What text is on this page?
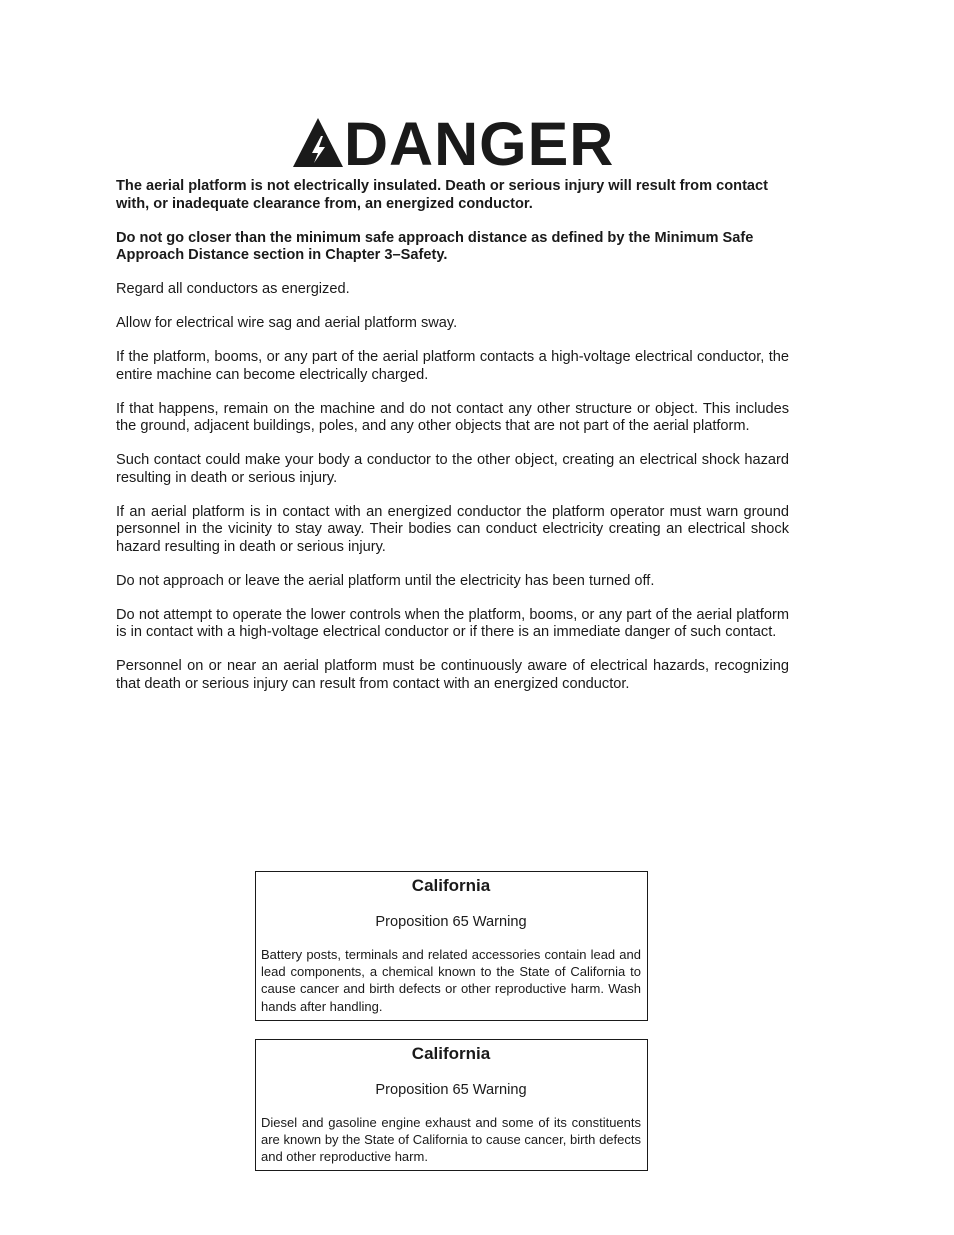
DANGER

The aerial platform is not electrically insulated. Death or serious injury will result from contact with, or inadequate clearance from, an energized conductor.

Do not go closer than the minimum safe approach distance as defined by the Minimum Safe Approach Distance section in Chapter 3–Safety.

Regard all conductors as energized.

Allow for electrical wire sag and aerial platform sway.

If the platform, booms, or any part of the aerial platform contacts a high-voltage electrical conductor, the entire machine can become electrically charged.

If that happens, remain on the machine and do not contact any other structure or object. This includes the ground, adjacent buildings, poles, and any other objects that are not part of the aerial platform.

Such contact could make your body a conductor to the other object, creating an electrical shock hazard resulting in death or serious injury.

If an aerial platform is in contact with an energized conductor the platform operator must warn ground personnel in the vicinity to stay away. Their bodies can conduct electricity creating an electrical shock hazard resulting in death or serious injury.

Do not approach or leave the aerial platform until the electricity has been turned off.

Do not attempt to operate the lower controls when the platform, booms, or any part of the aerial platform is in contact with a high-voltage electrical conductor or if there is an immediate danger of such contact.

Personnel on or near an aerial platform must be continuously aware of electrical hazards, recognizing that death or serious injury can result from contact with an energized conductor.

California
Proposition 65 Warning
Battery posts, terminals and related accessories contain lead and lead components, a chemical known to the State of California to cause cancer and birth defects or other reproductive harm. Wash hands after handling.
California
Proposition 65 Warning
Diesel and gasoline engine exhaust and some of its constituents are known by the State of California to cause cancer, birth defects and other reproductive harm.
